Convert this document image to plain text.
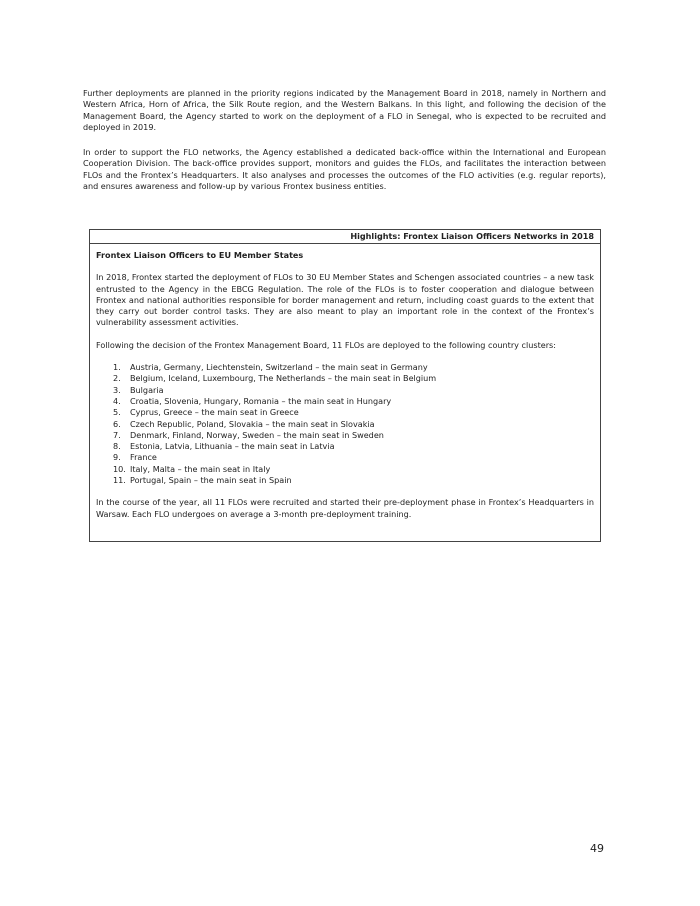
Further deployments are planned in the priority regions indicated by the Management Board in 2018, namely in Northern and Western Africa, Horn of Africa, the Silk Route region, and the Western Balkans. In this light, and following the decision of the Management Board, the Agency started to work on the deployment of a FLO in Senegal, who is expected to be recruited and deployed in 2019.

In order to support the FLO networks, the Agency established a dedicated back-office within the International and European Cooperation Division. The back-office provides support, monitors and guides the FLOs, and facilitates the interaction between FLOs and the Frontex’s Headquarters. It also analyses and processes the outcomes of the FLO activities (e.g. regular reports), and ensures awareness and follow-up by various Frontex business entities.

Highlights: Frontex Liaison Officers Networks in 2018

Frontex Liaison Officers to EU Member States

In 2018, Frontex started the deployment of FLOs to 30 EU Member States and Schengen associated countries – a new task entrusted to the Agency in the EBCG Regulation. The role of the FLOs is to foster cooperation and dialogue between Frontex and national authorities responsible for border management and return, including coast guards to the extent that they carry out border control tasks. They are also meant to play an important role in the context of the Frontex’s vulnerability assessment activities.

Following the decision of the Frontex Management Board, 11 FLOs are deployed to the following country clusters:

1. Austria, Germany, Liechtenstein, Switzerland – the main seat in Germany
2. Belgium, Iceland, Luxembourg, The Netherlands – the main seat in Belgium
3. Bulgaria
4. Croatia, Slovenia, Hungary, Romania – the main seat in Hungary
5. Cyprus, Greece – the main seat in Greece
6. Czech Republic, Poland, Slovakia – the main seat in Slovakia
7. Denmark, Finland, Norway, Sweden – the main seat in Sweden
8. Estonia, Latvia, Lithuania – the main seat in Latvia
9. France
10. Italy, Malta – the main seat in Italy
11. Portugal, Spain – the main seat in Spain

In the course of the year, all 11 FLOs were recruited and started their pre-deployment phase in Frontex’s Headquarters in Warsaw. Each FLO undergoes on average a 3-month pre-deployment training.

49
